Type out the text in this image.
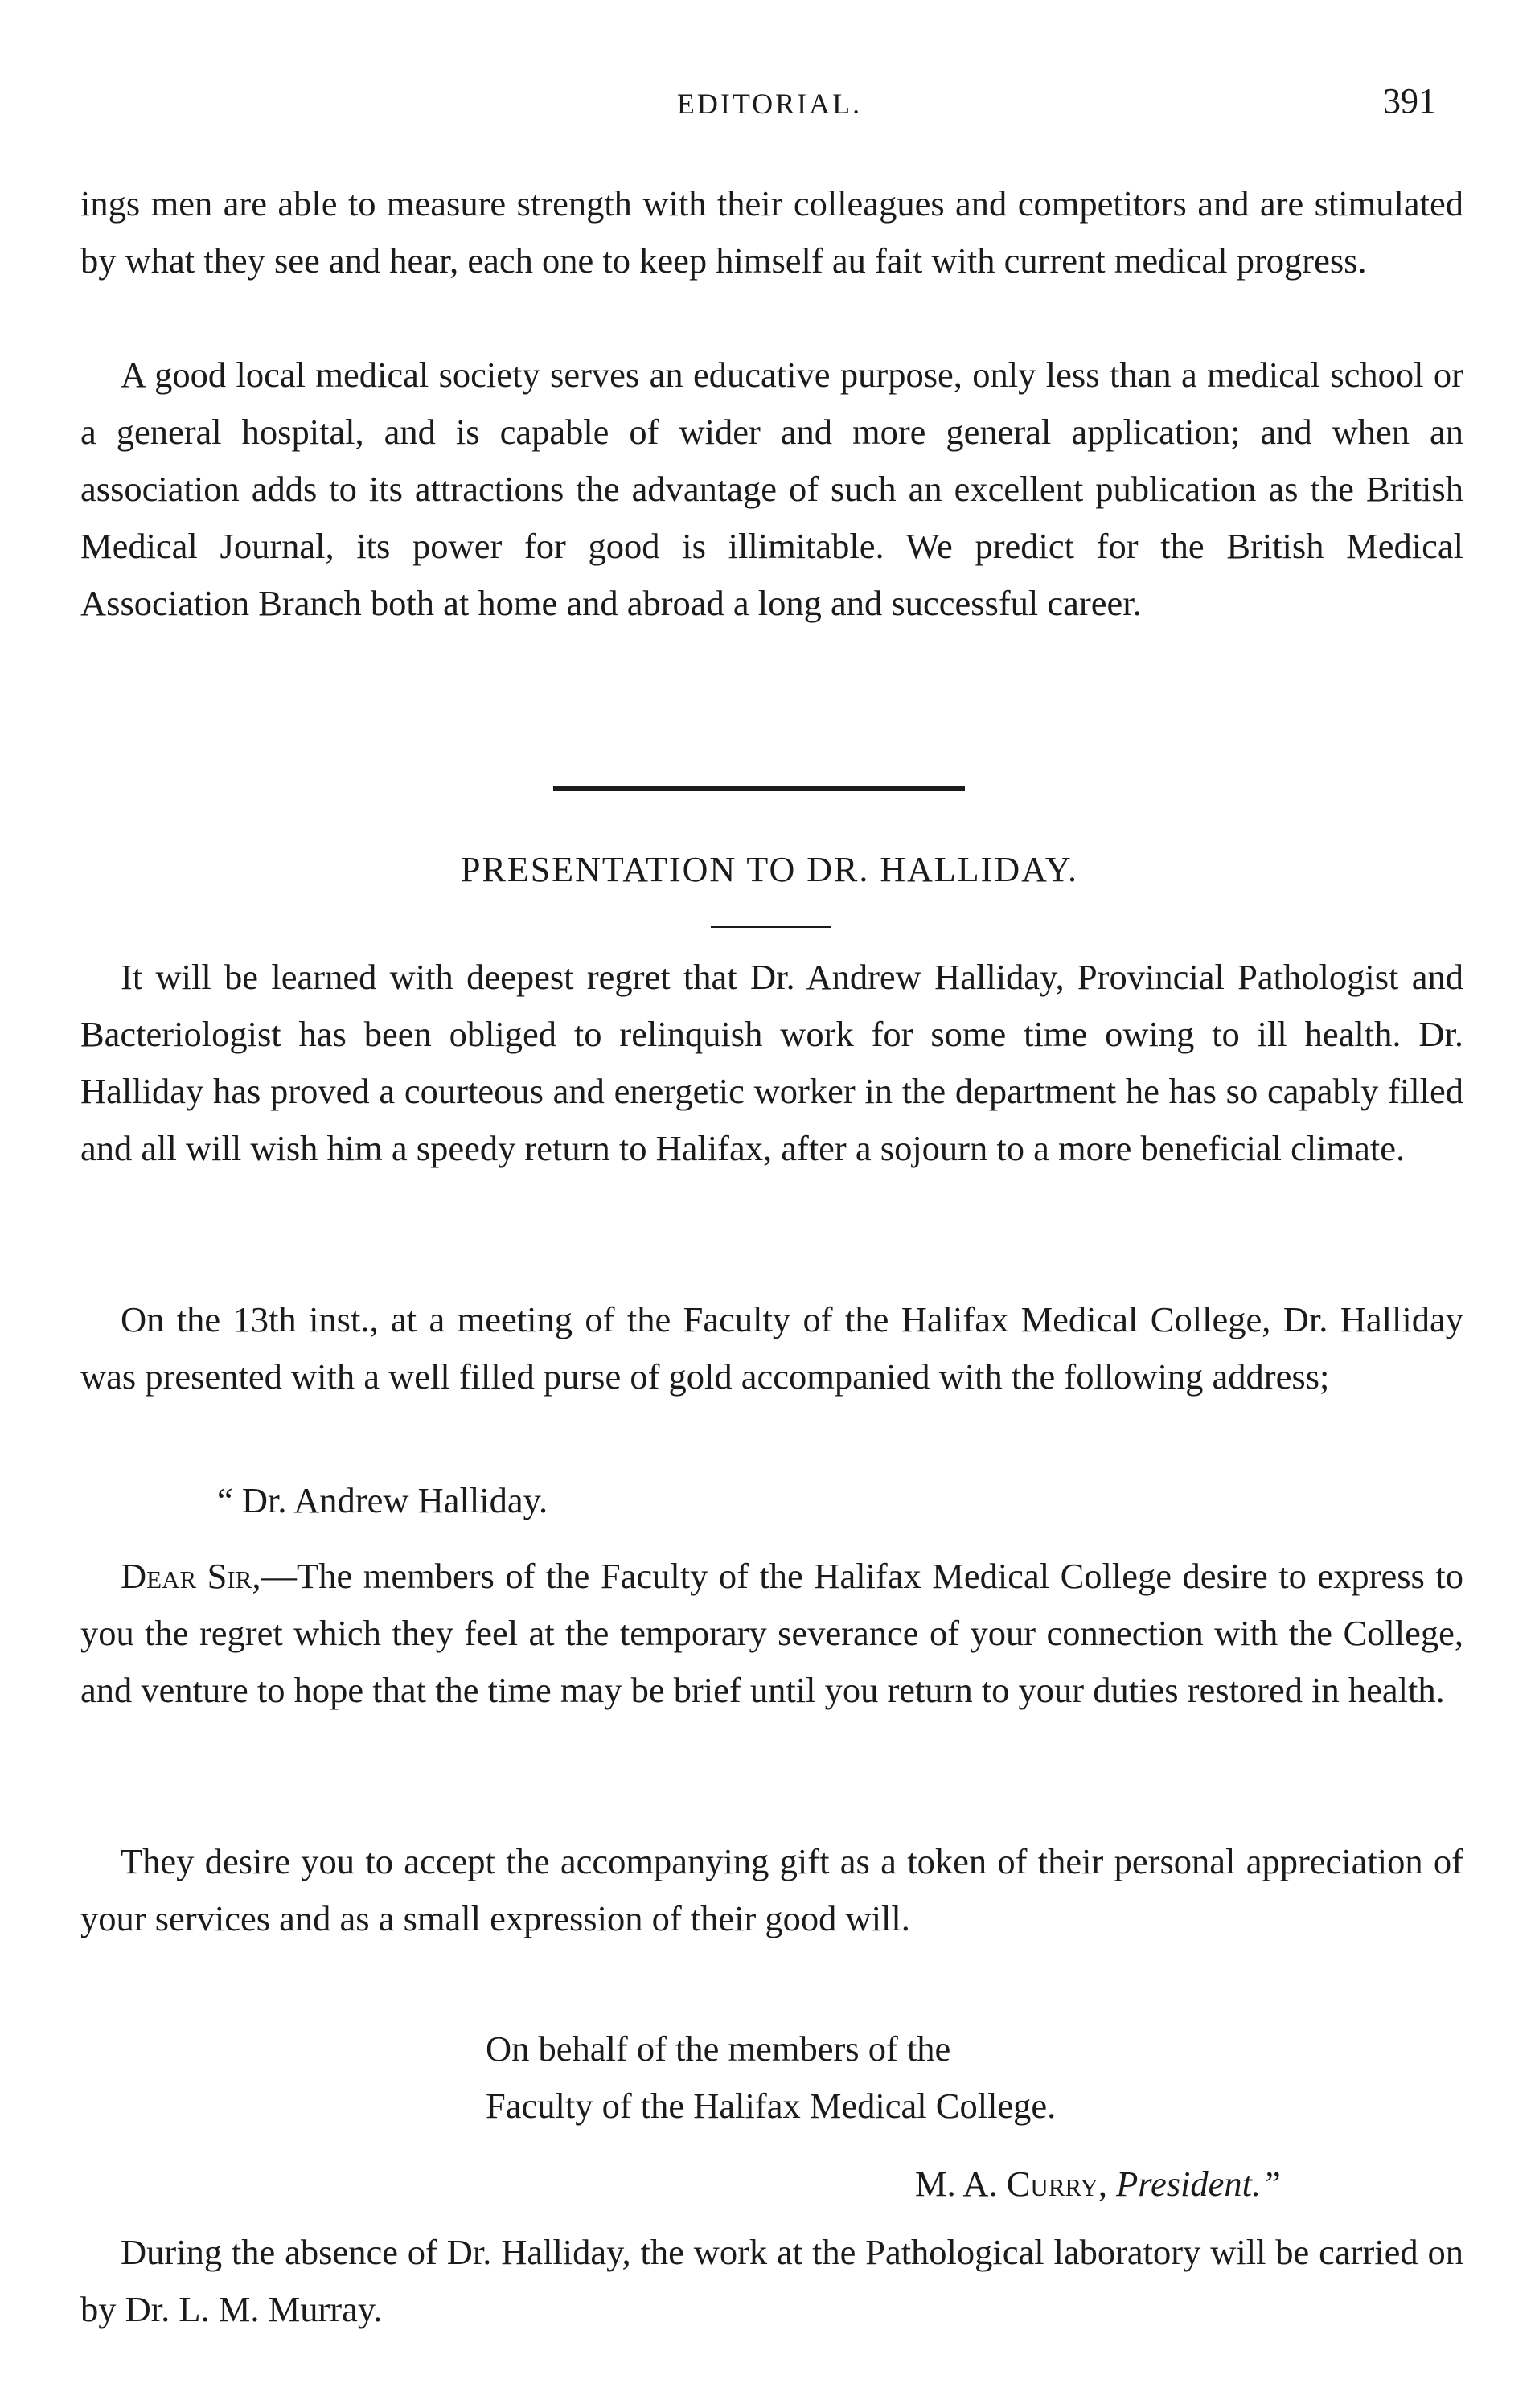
EDITORIAL.	391

ings men are able to measure strength with their colleagues and competitors and are stimulated by what they see and hear, each one to keep himself au fait with current medical progress.

A good local medical society serves an educative purpose, only less than a medical school or a general hospital, and is capable of wider and more general application; and when an association adds to its attractions the advantage of such an excellent publication as the British Medical Journal, its power for good is illimitable. We predict for the British Medical Association Branch both at home and abroad a long and successful career.

PRESENTATION TO DR. HALLIDAY.

It will be learned with deepest regret that Dr. Andrew Halliday, Provincial Pathologist and Bacteriologist has been obliged to relinquish work for some time owing to ill health. Dr. Halliday has proved a courteous and energetic worker in the department he has so capably filled and all will wish him a speedy return to Halifax, after a sojourn to a more beneficial climate.

On the 13th inst., at a meeting of the Faculty of the Halifax Medical College, Dr. Halliday was presented with a well filled purse of gold accompanied with the following address;

“ Dr. Andrew Halliday.

Dear Sir,—The members of the Faculty of the Halifax Medical College desire to express to you the regret which they feel at the temporary severance of your connection with the College, and venture to hope that the time may be brief until you return to your duties restored in health.

They desire you to accept the accompanying gift as a token of their personal appreciation of your services and as a small expression of their good will.

On behalf of the members of the
Faculty of the Halifax Medical College.
M. A. Curry, President.”

During the absence of Dr. Halliday, the work at the Pathological laboratory will be carried on by Dr. L. M. Murray.
